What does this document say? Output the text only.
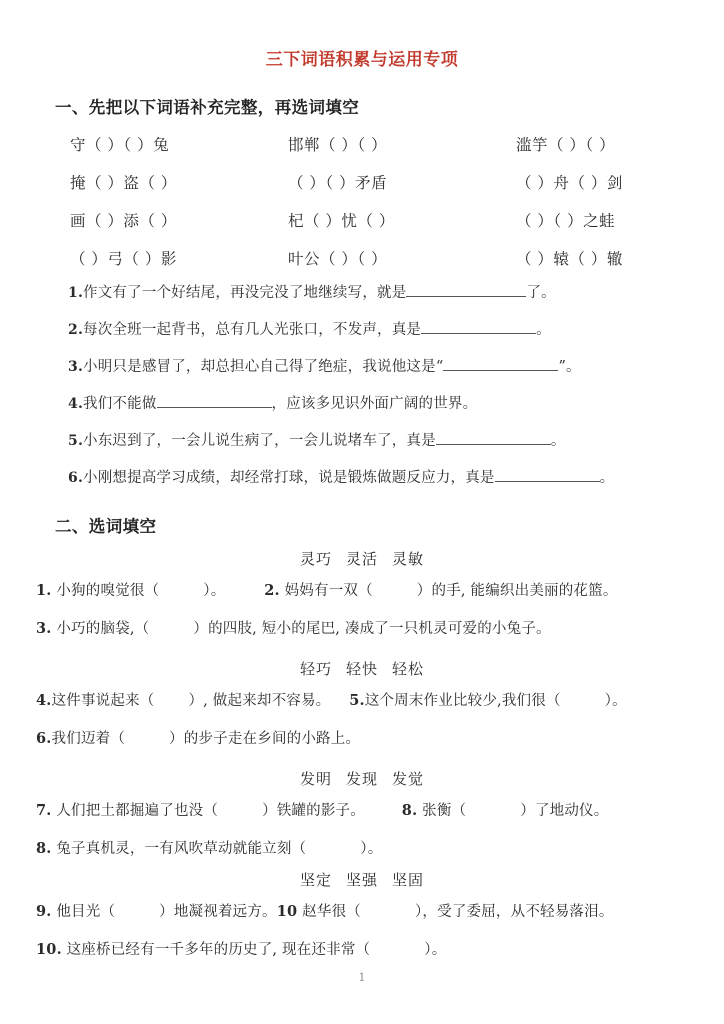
三下词语积累与运用专项
一、先把以下词语补充完整，再选词填空
守（ ）（ ）兔	邯郸（ ）（ ）	滥竽（ ）（ ）
掩（ ）盗（ ）	（ ）（ ）矛盾	（ ）舟（ ）剑
画（ ）添（ ）	杞（ ）忧（ ）	（ ）（ ）之蛙
（ ）弓（ ）影	叶公（ ）（ ）	（ ）辕（ ）辙
1.作文有了一个好结尾，再没完没了地继续写，就是	了。
2.每次全班一起背书，总有几人光张口，不发声，真是	。
3.小明只是感冒了，却总担心自己得了绝症，我说他这是“	”。
4.我们不能做	，应该多见识外面广阔的世界。
5.小东迟到了，一会儿说生病了，一会儿说堵车了，真是	。
6.小刚想提高学习成绩，却经常打球，说是锻炼做题反应力，真是	。
二、选词填空
灵巧 灵活 灵敏
1. 小狗的嗅觉很（	）。	2. 妈妈有一双（	）的手, 能编织出美丽的花篮。
3. 小巧的脑袋,（	）的四肢, 短小的尾巴, 凑成了一只机灵可爱的小兔子。
轻巧 轻快 轻松
4.这件事说起来（ ）, 做起来却不容易。 5.这个周末作业比较少,我们很（	）。
6.我们迈着（	）的步子走在乡间的小路上。
发明 发现 发觉
7. 人们把土都掘遍了也没（	）铁罐的影子。	8. 张衡（	）了地动仪。
8. 兔子真机灵，一有风吹草动就能立刻（	）。
坚定 坚强 坚固
9. 他目光（	）地凝视着远方。10 赵华很（	），受了委屈，从不轻易落泪。
10. 这座桥已经有一千多年的历史了, 现在还非常（	）。
1
